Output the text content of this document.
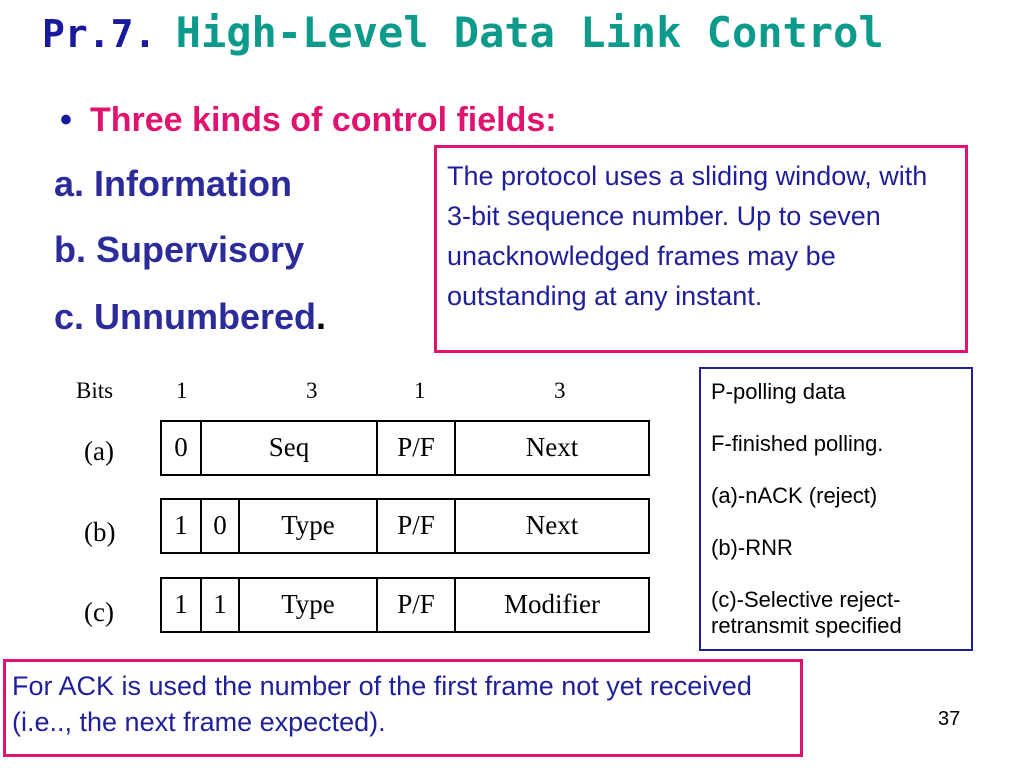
Pr.7. High-Level Data Link Control
• Three kinds of control fields:
a. Information
b. Supervisory
c. Unnumbered.
The protocol uses a sliding window, with 3-bit sequence number. Up to seven unacknowledged frames may be outstanding at any instant.
Bits	1	3	1	3
(a)	0	Seq	P/F	Next
(b)	1 0	Type	P/F	Next
(c)	1 1	Type	P/F	Modifier
P-polling data
F-finished polling.
(a)-nACK (reject)
(b)-RNR
(c)-Selective reject-retransmit specified
For ACK is used the number of the first frame not yet received (i.e.., the next frame expected).	37
